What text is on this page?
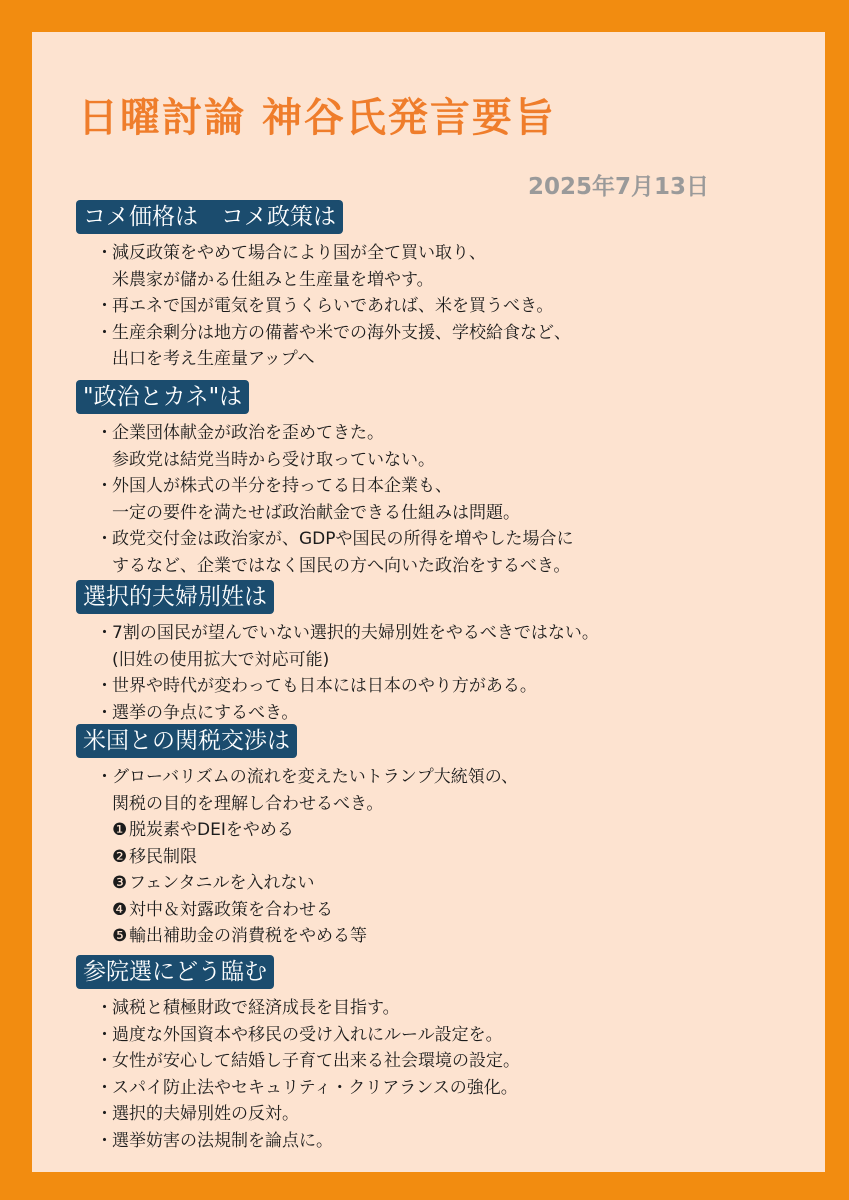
日曜討論 神谷氏発言要旨
2025年7月13日
コメ価格は　コメ政策は
・ 減反政策をやめて場合により国が全て買い取り、
米農家が儲かる仕組みと生産量を増やす。
・ 再エネで国が電気を買うくらいであれば、米を買うべき。
・ 生産余剰分は地方の備蓄や米での海外支援、学校給食など、
出口を考え生産量アップへ
"政治とカネ"は
・ 企業団体献金が政治を歪めてきた。
参政党は結党当時から受け取っていない。
・ 外国人が株式の半分を持ってる日本企業も、
一定の要件を満たせば政治献金できる仕組みは問題。
・ 政党交付金は政治家が、GDPや国民の所得を増やした場合に
するなど、企業ではなく国民の方へ向いた政治をするべき。
選択的夫婦別姓は
・ 7割の国民が望んでいない選択的夫婦別姓をやるべきではない。
(旧姓の使用拡大で対応可能)
・ 世界や時代が変わっても日本には日本のやり方がある。
・ 選挙の争点にするべき。
米国との関税交渉は
・ グローバリズムの流れを変えたいトランプ大統領の、
関税の目的を理解し合わせるべき。
❶ 脱炭素やDEIをやめる
❷ 移民制限
❸ フェンタニルを入れない
❹ 対中＆対露政策を合わせる
❺ 輸出補助金の消費税をやめる等
参院選にどう臨む
・ 減税と積極財政で経済成長を目指す。
・ 過度な外国資本や移民の受け入れにルール設定を。
・ 女性が安心して結婚し子育て出来る社会環境の設定。
・ スパイ防止法やセキュリティ・クリアランスの強化。
・ 選択的夫婦別姓の反対。
・ 選挙妨害の法規制を論点に。
